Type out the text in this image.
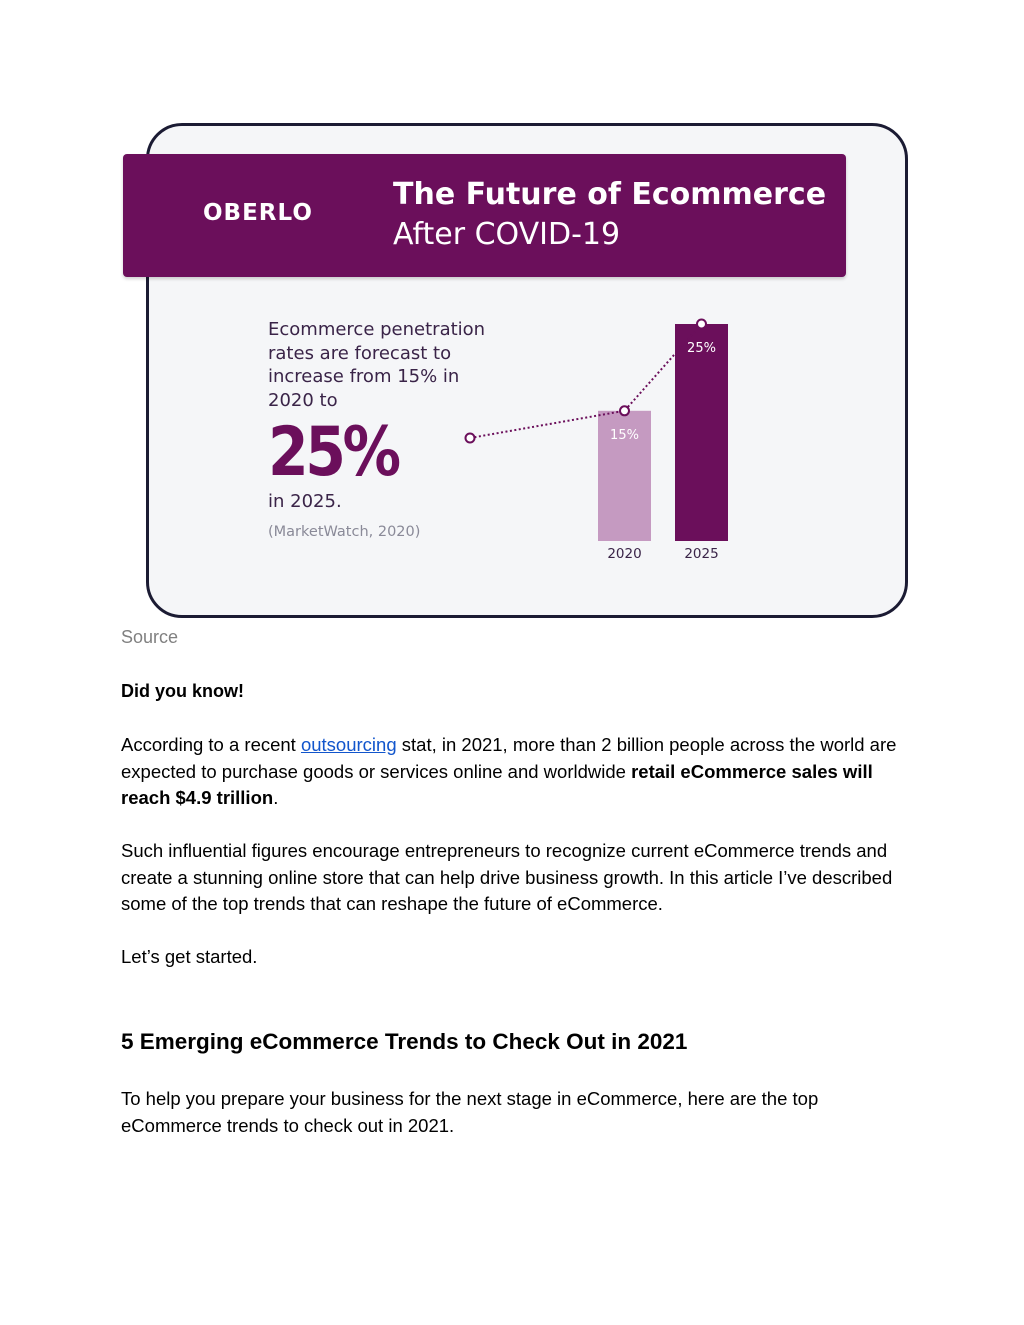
OBERLO
The Future of Ecommerce
After COVID-19
Ecommerce penetration rates are forecast to increase from 15% in 2020 to
25%
in 2025.
(MarketWatch, 2020)
15%
2020
25%
2025
Source
Did you know!
According to a recent outsourcing stat, in 2021, more than 2 billion people across the world are expected to purchase goods or services online and worldwide retail eCommerce sales will reach $4.9 trillion.
Such influential figures encourage entrepreneurs to recognize current eCommerce trends and create a stunning online store that can help drive business growth. In this article I’ve described some of the top trends that can reshape the future of eCommerce.
Let’s get started.
5 Emerging eCommerce Trends to Check Out in 2021
To help you prepare your business for the next stage in eCommerce, here are the top eCommerce trends to check out in 2021.
